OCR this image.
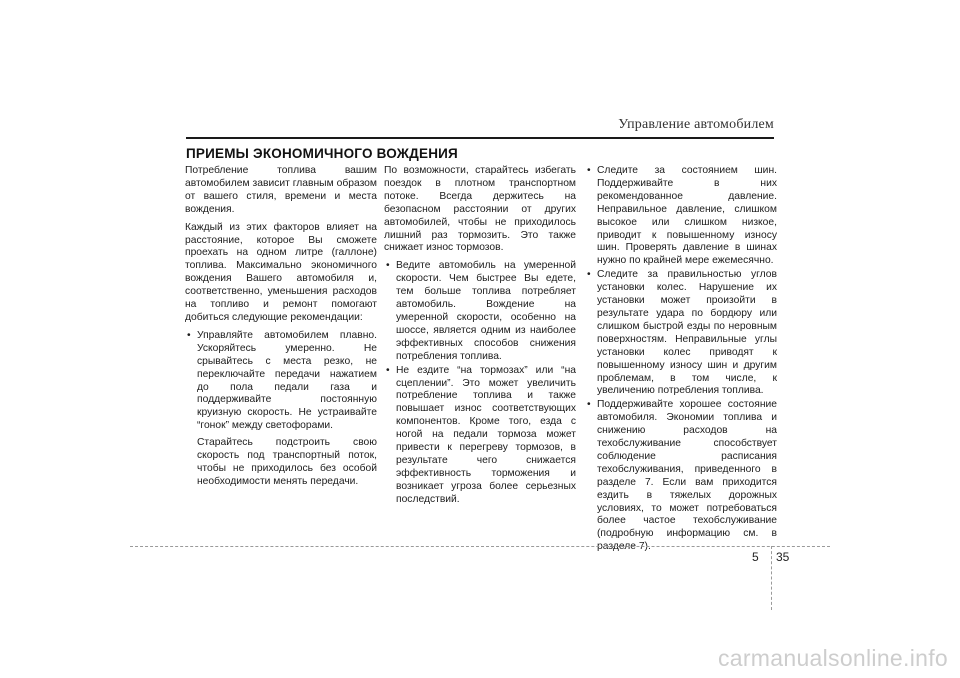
Управление автомобилем
ПРИЕМЫ ЭКОНОМИЧНОГО ВОЖДЕНИЯ

Потребление топлива вашим автомобилем зависит главным образом от вашего стиля, времени и места вождения.

Каждый из этих факторов влияет на расстояние, которое Вы сможете проехать на одном литре (галлоне) топлива. Максимально экономичного вождения Вашего автомобиля и, соответственно, уменьшения расходов на топливо и ремонт помогают добиться следующие рекомендации:

• Управляйте автомобилем плавно. Ускоряйтесь умеренно. Не срывайтесь с места резко, не переключайте передачи нажатием до пола педали газа и поддерживайте постоянную круизную скорость. Не устраивайте “гонок” между светофорами.

Старайтесь подстроить свою скорость под транспортный поток, чтобы не приходилось без особой необходимости менять передачи.

По возможности, старайтесь избегать поездок в плотном транспортном потоке. Всегда держитесь на безопасном расстоянии от других автомобилей, чтобы не приходилось лишний раз тормозить. Это также снижает износ тормозов.

• Ведите автомобиль на умеренной скорости. Чем быстрее Вы едете, тем больше топлива потребляет автомобиль. Вождение на умеренной скорости, особенно на шоссе, является одним из наиболее эффективных способов снижения потребления топлива.
• Не ездите “на тормозах” или “на сцеплении”. Это может увеличить потребление топлива и также повышает износ соответствующих компонентов. Кроме того, езда с ногой на педали тормоза может привести к перегреву тормозов, в результате чего снижается эффективность торможения и возникает угроза более серьезных последствий.
• Следите за состоянием шин. Поддерживайте в них рекомендованное давление. Неправильное давление, слишком высокое или слишком низкое, приводит к повышенному износу шин. Проверять давление в шинах нужно по крайней мере ежемесячно.
• Следите за правильностью углов установки колес. Нарушение их установки может произойти в результате удара по бордюру или слишком быстрой езды по неровным поверхностям. Неправильные углы установки колес приводят к повышенному износу шин и другим проблемам, в том числе, к увеличению потребления топлива.
• Поддерживайте хорошее состояние автомобиля. Экономии топлива и снижению расходов на техобслуживание способствует соблюдение расписания техобслуживания, приведенного в разделе 7. Если вам приходится ездить в тяжелых дорожных условиях, то может потребоваться более частое техобслуживание (подробную информацию см. в разделе 7).
5 35
carmanualsonline.info
